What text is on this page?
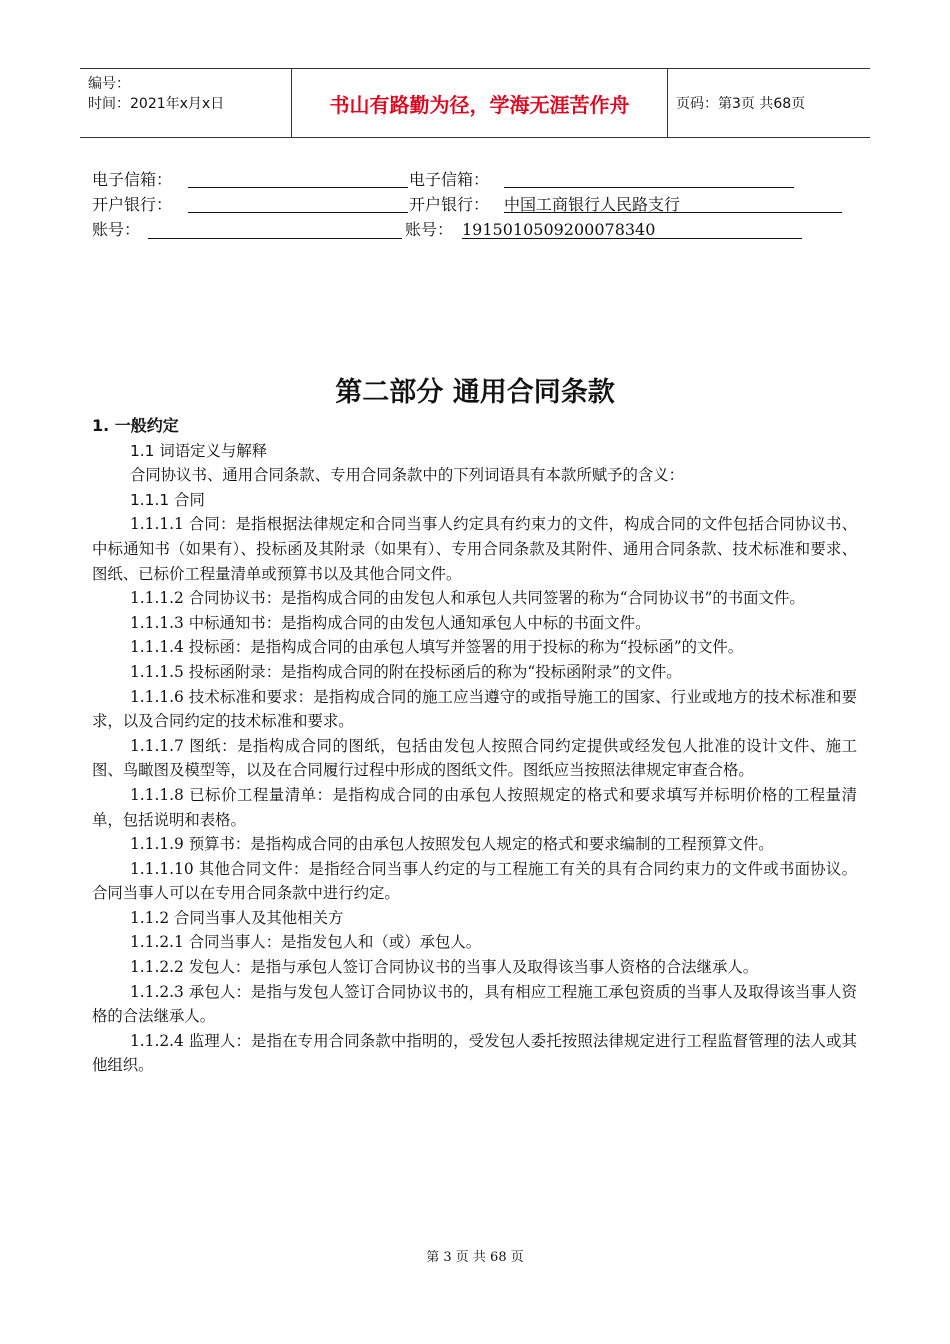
编号：
时间：2021年x月x日	书山有路勤为径，学海无涯苦作舟	页码：第3页 共68页
电子信箱：	电子信箱：
开户银行：	开户银行： 中国工商银行人民路支行
账号：	账号： 1915010509200078340
第二部分 通用合同条款

1. 一般约定

1.1 词语定义与解释

合同协议书、通用合同条款、专用合同条款中的下列词语具有本款所赋予的含义：

1.1.1 合同

1.1.1.1 合同：是指根据法律规定和合同当事人约定具有约束力的文件，构成合同的文件包括合同协议书、中标通知书（如果有）、投标函及其附录（如果有）、专用合同条款及其附件、通用合同条款、技术标准和要求、图纸、已标价工程量清单或预算书以及其他合同文件。

1.1.1.2 合同协议书：是指构成合同的由发包人和承包人共同签署的称为“合同协议书”的书面文件。

1.1.1.3 中标通知书：是指构成合同的由发包人通知承包人中标的书面文件。

1.1.1.4 投标函：是指构成合同的由承包人填写并签署的用于投标的称为“投标函”的文件。

1.1.1.5 投标函附录：是指构成合同的附在投标函后的称为“投标函附录”的文件。

1.1.1.6 技术标准和要求：是指构成合同的施工应当遵守的或指导施工的国家、行业或地方的技术标准和要求，以及合同约定的技术标准和要求。

1.1.1.7 图纸：是指构成合同的图纸，包括由发包人按照合同约定提供或经发包人批准的设计文件、施工图、鸟瞰图及模型等，以及在合同履行过程中形成的图纸文件。图纸应当按照法律规定审查合格。

1.1.1.8 已标价工程量清单：是指构成合同的由承包人按照规定的格式和要求填写并标明价格的工程量清单，包括说明和表格。

1.1.1.9 预算书：是指构成合同的由承包人按照发包人规定的格式和要求编制的工程预算文件。

1.1.1.10 其他合同文件：是指经合同当事人约定的与工程施工有关的具有合同约束力的文件或书面协议。合同当事人可以在专用合同条款中进行约定。

1.1.2 合同当事人及其他相关方

1.1.2.1 合同当事人：是指发包人和（或）承包人。

1.1.2.2 发包人：是指与承包人签订合同协议书的当事人及取得该当事人资格的合法继承人。

1.1.2.3 承包人：是指与发包人签订合同协议书的，具有相应工程施工承包资质的当事人及取得该当事人资格的合法继承人。

1.1.2.4 监理人：是指在专用合同条款中指明的，受发包人委托按照法律规定进行工程监督管理的法人或其他组织。

第 3 页 共 68 页
